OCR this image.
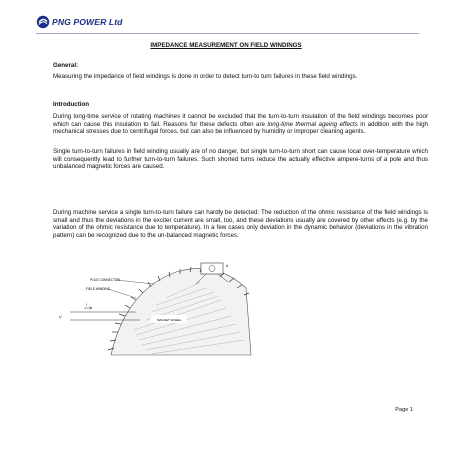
PNG POWER Ltd
IMPEDANCE MEASUREMENT ON FIELD WINDINGS
General:
Measuring the impedance of field windings is done in order to detect turn-to turn failures in these field windings.
Introduction
During long-time service of rotating machines it cannot be excluded that the turn-to-turn insulation of the field windings becomes poor which can cause this insulation to fail. Reasons for these defects often are long-time thermal ageing effects in addition with the high mechanical stresses due to centrifugal forces, but can also be influenced by humidity or improper cleaning agents.
Single turn-to-turn failures in field winding usually are of no danger, but single turn-to-turn short can cause local over-temperature which will consequently lead to further turn-to-turn failures. Such shorted turns reduce the actually effective ampere-turns of a pole and thus unbalanced magnetic forces are caused.
During machine service a single turn-to-turn failure can hardly be detected: The reduction of the ohmic resistance of the field windings is small and thus the deviations in the exciter current are small, too, and these deviations usually are covered by other effects (e.g. by the variation of the ohmic resistance due to temperature). In a few cases only deviation in the dynamic behavior (deviations in the vibration pattern) can be recognized due to the un-balanced magnetic forces.
A
POLE CONNECTOR
FIELD WINDING
MAGNET WHEEL
I
U
Page 1
